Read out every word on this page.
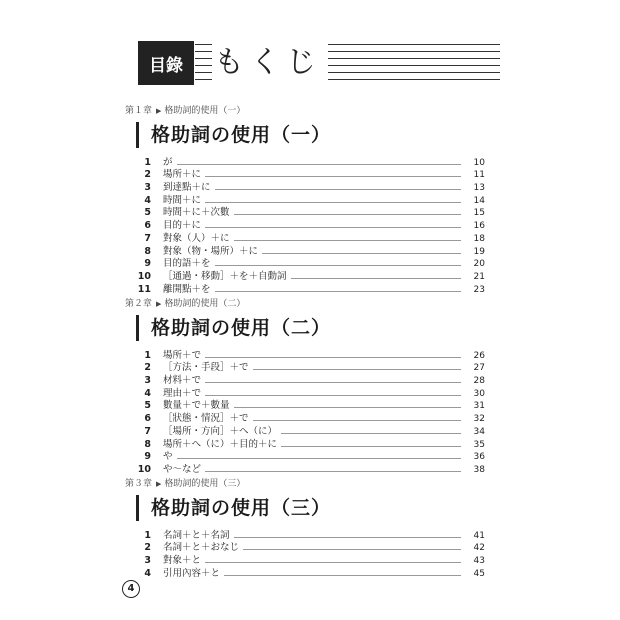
目錄	もくじ
第１章 ▶ 格助詞的使用（一）
格助詞の使用（一）
1	が	10
2	場所＋に	11
3	到達點＋に	13
4	時間＋に	14
5	時間＋に＋次數	15
6	目的＋に	16
7	對象（人）＋に	18
8	對象（物・場所）＋に	19
9	目的語＋を	20
10	［通過・移動］＋を＋自動詞	21
11	離開點＋を	23
第２章 ▶ 格助詞的使用（二）
格助詞の使用（二）
1	場所＋で	26
2	［方法・手段］＋で	27
3	材料＋で	28
4	理由＋で	30
5	數量＋で＋數量	31
6	［狀態・情況］＋で	32
7	［場所・方向］＋へ（に）	34
8	場所＋へ（に）＋目的＋に	35
9	や	36
10	や～など	38
第３章 ▶ 格助詞的使用（三）
格助詞の使用（三）
1	名詞＋と＋名詞	41
2	名詞＋と＋おなじ	42
3	對象＋と	43
4	引用內容＋と	45
4
